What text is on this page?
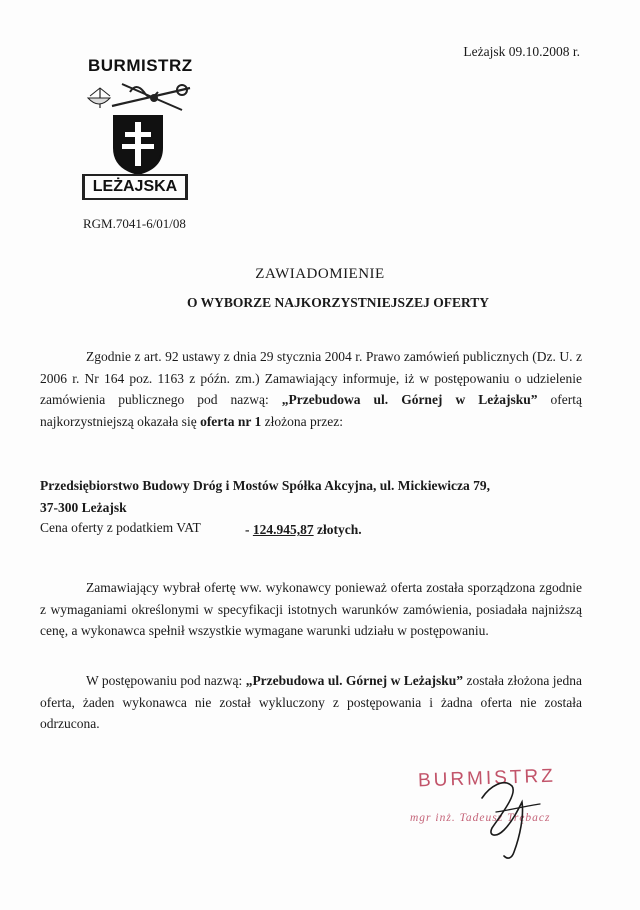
Leżajsk 09.10.2008 r.
BURMISTRZ
LEŻAJSKA
RGM.7041-6/01/08
ZAWIADOMIENIE
O WYBORZE NAJKORZYSTNIEJSZEJ OFERTY

Zgodnie z art. 92 ustawy z dnia 29 stycznia 2004 r. Prawo zamówień publicznych (Dz. U. z 2006 r. Nr 164 poz. 1163 z późn. zm.) Zamawiający informuje, iż w postępowaniu o udzielenie zamówienia publicznego pod nazwą: „Przebudowa ul. Górnej w Leżajsku” ofertą najkorzystniejszą okazała się oferta nr 1 złożona przez:

Przedsiębiorstwo Budowy Dróg i Mostów Spółka Akcyjna, ul. Mickiewicza 79,
37-300 Leżajsk
Cena oferty z podatkiem VAT	- 124.945,87 złotych.

Zamawiający wybrał ofertę ww. wykonawcy ponieważ oferta została sporządzona zgodnie z wymaganiami określonymi w specyfikacji istotnych warunków zamówienia, posiadała najniższą cenę, a wykonawca spełnił wszystkie wymagane warunki udziału w postępowaniu.

W postępowaniu pod nazwą: „Przebudowa ul. Górnej w Leżajsku” została złożona jedna oferta, żaden wykonawca nie został wykluczony z postępowania i żadna oferta nie została odrzucona.

BURMISTRZ
mgr inż. Tadeusz Trębacz
